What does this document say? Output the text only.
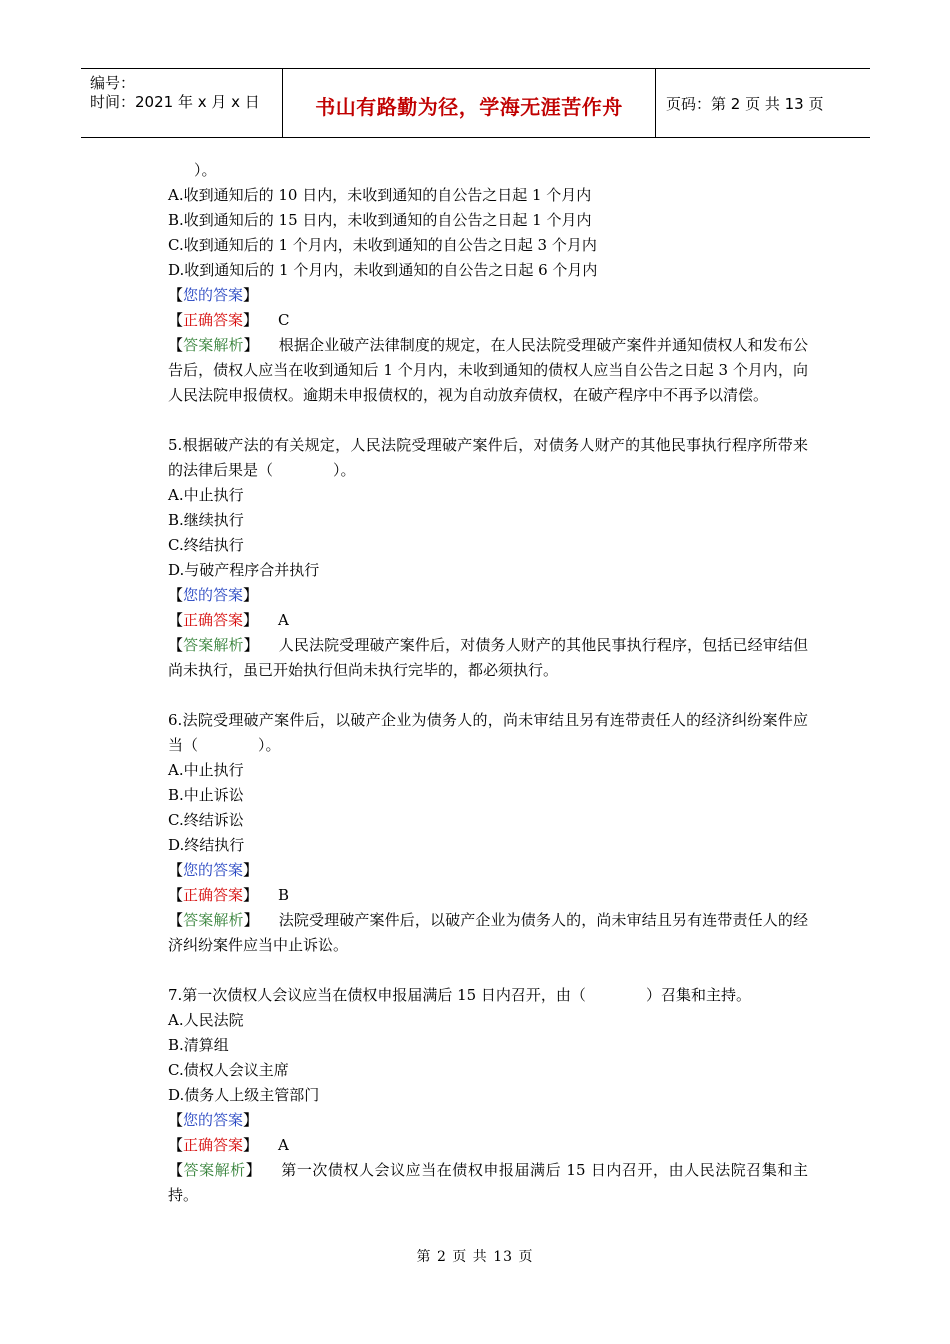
编号：
时间：2021 年 x 月 x 日	书山有路勤为径，学海无涯苦作舟	页码：第 2 页 共 13 页
）。
A.收到通知后的 10 日内，未收到通知的自公告之日起 1 个月内
B.收到通知后的 15 日内，未收到通知的自公告之日起 1 个月内
C.收到通知后的 1 个月内，未收到通知的自公告之日起 3 个月内
D.收到通知后的 1 个月内，未收到通知的自公告之日起 6 个月内
【您的答案】
【正确答案】 C
【答案解析】 根据企业破产法律制度的规定，在人民法院受理破产案件并通知债权人和发布公告后，债权人应当在收到通知后 1 个月内，未收到通知的债权人应当自公告之日起 3 个月内，向人民法院申报债权。逾期未申报债权的，视为自动放弃债权，在破产程序中不再予以清偿。
5.根据破产法的有关规定，人民法院受理破产案件后，对债务人财产的其他民事执行程序所带来的法律后果是（　　　　）。
A.中止执行
B.继续执行
C.终结执行
D.与破产程序合并执行
【您的答案】
【正确答案】 A
【答案解析】 人民法院受理破产案件后，对债务人财产的其他民事执行程序，包括已经审结但尚未执行，虽已开始执行但尚未执行完毕的，都必须执行。
6.法院受理破产案件后，以破产企业为债务人的，尚未审结且另有连带责任人的经济纠纷案件应当（　　　　）。
A.中止执行
B.中止诉讼
C.终结诉讼
D.终结执行
【您的答案】
【正确答案】 B
【答案解析】 法院受理破产案件后，以破产企业为债务人的，尚未审结且另有连带责任人的经济纠纷案件应当中止诉讼。
7.第一次债权人会议应当在债权申报届满后 15 日内召开，由（　　　　）召集和主持。
A.人民法院
B.清算组
C.债权人会议主席
D.债务人上级主管部门
【您的答案】
【正确答案】 A
【答案解析】 第一次债权人会议应当在债权申报届满后 15 日内召开，由人民法院召集和主持。
第 2 页 共 13 页
